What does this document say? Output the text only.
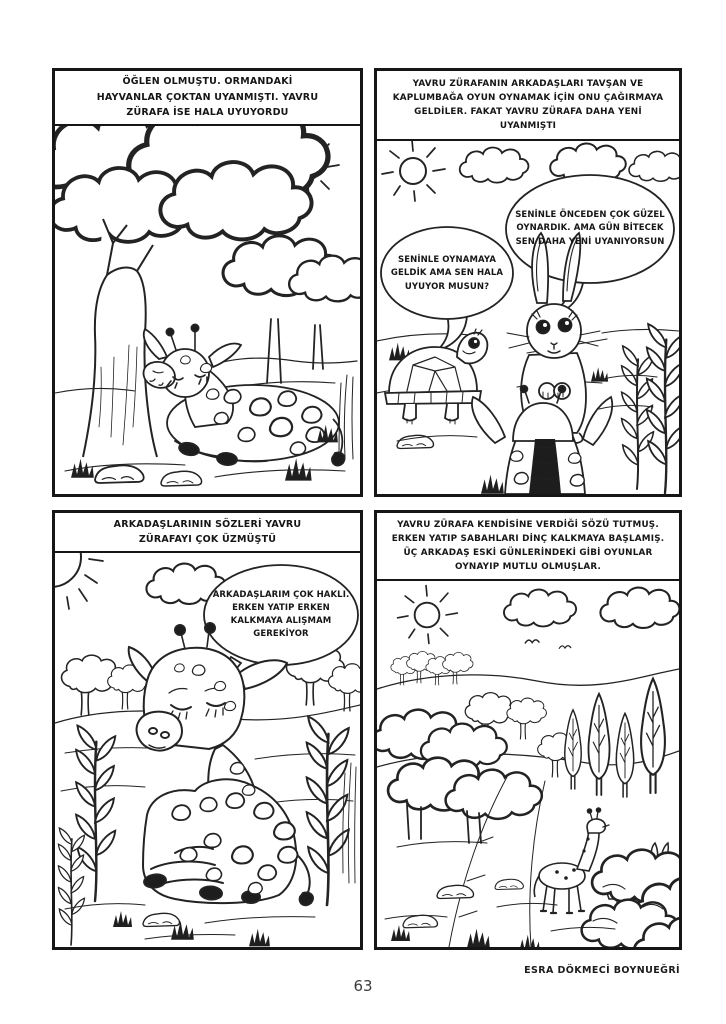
ÖĞLEN OLMUŞTU. ORMANDAKİ HAYVANLAR ÇOKTAN UYANMIŞTI. YAVRU ZÜRAFA İSE HALA UYUYORDU
YAVRU ZÜRAFANIN ARKADAŞLARI TAVŞAN VE KAPLUMBAĞA OYUN OYNAMAK İÇİN ONU ÇAĞIRMAYA GELDİLER. FAKAT YAVRU ZÜRAFA DAHA YENİ UYANMIŞTI
SENİNLE OYNAMAYA GELDİK AMA SEN HALA UYUYOR MUSUN?
SENİNLE ÖNCEDEN ÇOK GÜZEL OYNARDIK. AMA GÜN BİTECEK SEN DAHA YENİ UYANIYORSUN
ARKADAŞLARININ SÖZLERİ YAVRU ZÜRAFAYI ÇOK ÜZMÜŞTÜ
ARKADAŞLARIM ÇOK HAKLI. ERKEN YATIP ERKEN KALKMAYA ALIŞMAM GEREKİYOR
YAVRU ZÜRAFA KENDİSİNE VERDİĞİ SÖZÜ TUTMUŞ. ERKEN YATIP SABAHLARI DİNÇ KALKMAYA BAŞLAMIŞ. ÜÇ ARKADAŞ ESKİ GÜNLERİNDEKİ GİBİ OYUNLAR OYNAYIP MUTLU OLMUŞLAR.
ESRA DÖKMECİ BOYNUEĞRİ
63
